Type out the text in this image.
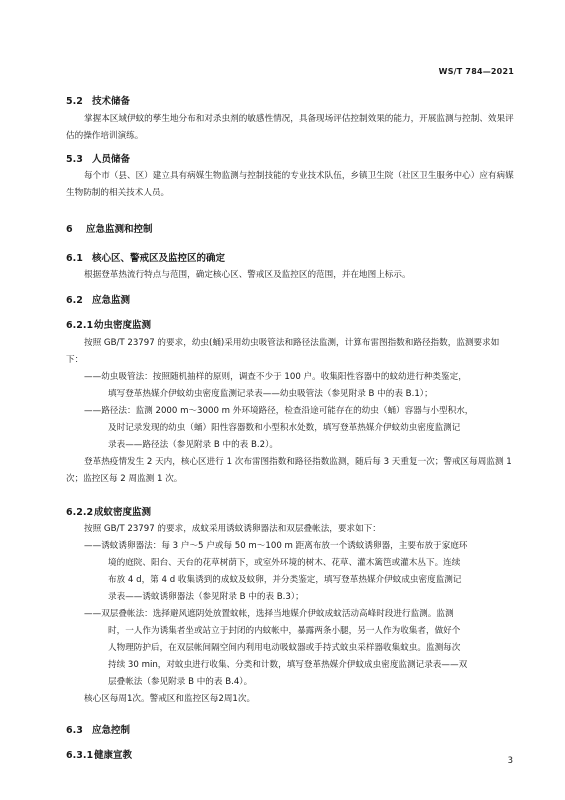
WS/T 784—2021
5.2 技术储备

掌握本区域伊蚊的孳生地分布和对杀虫剂的敏感性情况，具备现场评估控制效果的能力，开展监测与控制、效果评估的操作培训演练。

5.3 人员储备

每个市（县、区）建立具有病媒生物监测与控制技能的专业技术队伍，乡镇卫生院（社区卫生服务中心）应有病媒生物防制的相关技术人员。

6 应急监测和控制
6.1 核心区、警戒区及监控区的确定

根据登革热流行特点与范围，确定核心区、警戒区及监控区的范围，并在地图上标示。

6.2 应急监测
6.2.1幼虫密度监测

按照 GB/T 23797 的要求，幼虫(蛹)采用幼虫吸管法和路径法监测，计算布雷图指数和路径指数，监测要求如下：

——幼虫吸管法：按照随机抽样的原则，调查不少于 100 户。收集阳性容器中的蚊幼进行种类鉴定，

填写登革热媒介伊蚊幼虫密度监测记录表——幼虫吸管法（参见附录 B 中的表 B.1）；

——路径法：监测 2000 m～3000 m 外环境路径，检查沿途可能存在的幼虫（蛹）容器与小型积水，

及时记录发现的幼虫（蛹）阳性容器数和小型积水处数，填写登革热媒介伊蚊幼虫密度监测记

录表——路径法（参见附录 B 中的表 B.2）。

登革热疫情发生 2 天内，核心区进行 1 次布雷图指数和路径指数监测，随后每 3 天重复一次；警戒区每周监测 1 次；监控区每 2 周监测 1 次。

6.2.2成蚊密度监测

按照 GB/T 23797 的要求，成蚊采用诱蚊诱卵器法和双层叠帐法，要求如下：

——诱蚊诱卵器法：每 3 户～5 户或每 50 m～100 m 距离布放一个诱蚊诱卵器，主要布放于家庭环

境的庭院、阳台、天台的花草树荫下，或室外环境的树木、花草、灌木篱笆或灌木丛下。连续

布放 4 d，第 4 d 收集诱到的成蚊及蚊卵，并分类鉴定，填写登革热媒介伊蚊成虫密度监测记

录表——诱蚊诱卵器法（参见附录 B 中的表 B.3）；

——双层叠帐法：选择避风遮阴处放置蚊帐，选择当地媒介伊蚊成蚊活动高峰时段进行监测。监测

时，一人作为诱集者坐或站立于封闭的内蚊帐中，暴露两条小腿，另一人作为收集者，做好个

人物理防护后，在双层帐间隔空间内利用电动吸蚊器或手持式蚊虫采样器收集蚊虫。监测每次

持续 30 min，对蚊虫进行收集、分类和计数，填写登革热媒介伊蚊成虫密度监测记录表——双

层叠帐法（参见附录 B 中的表 B.4）。

核心区每周1次。警戒区和监控区每2周1次。

6.3 应急控制
6.3.1健康宣教	3
